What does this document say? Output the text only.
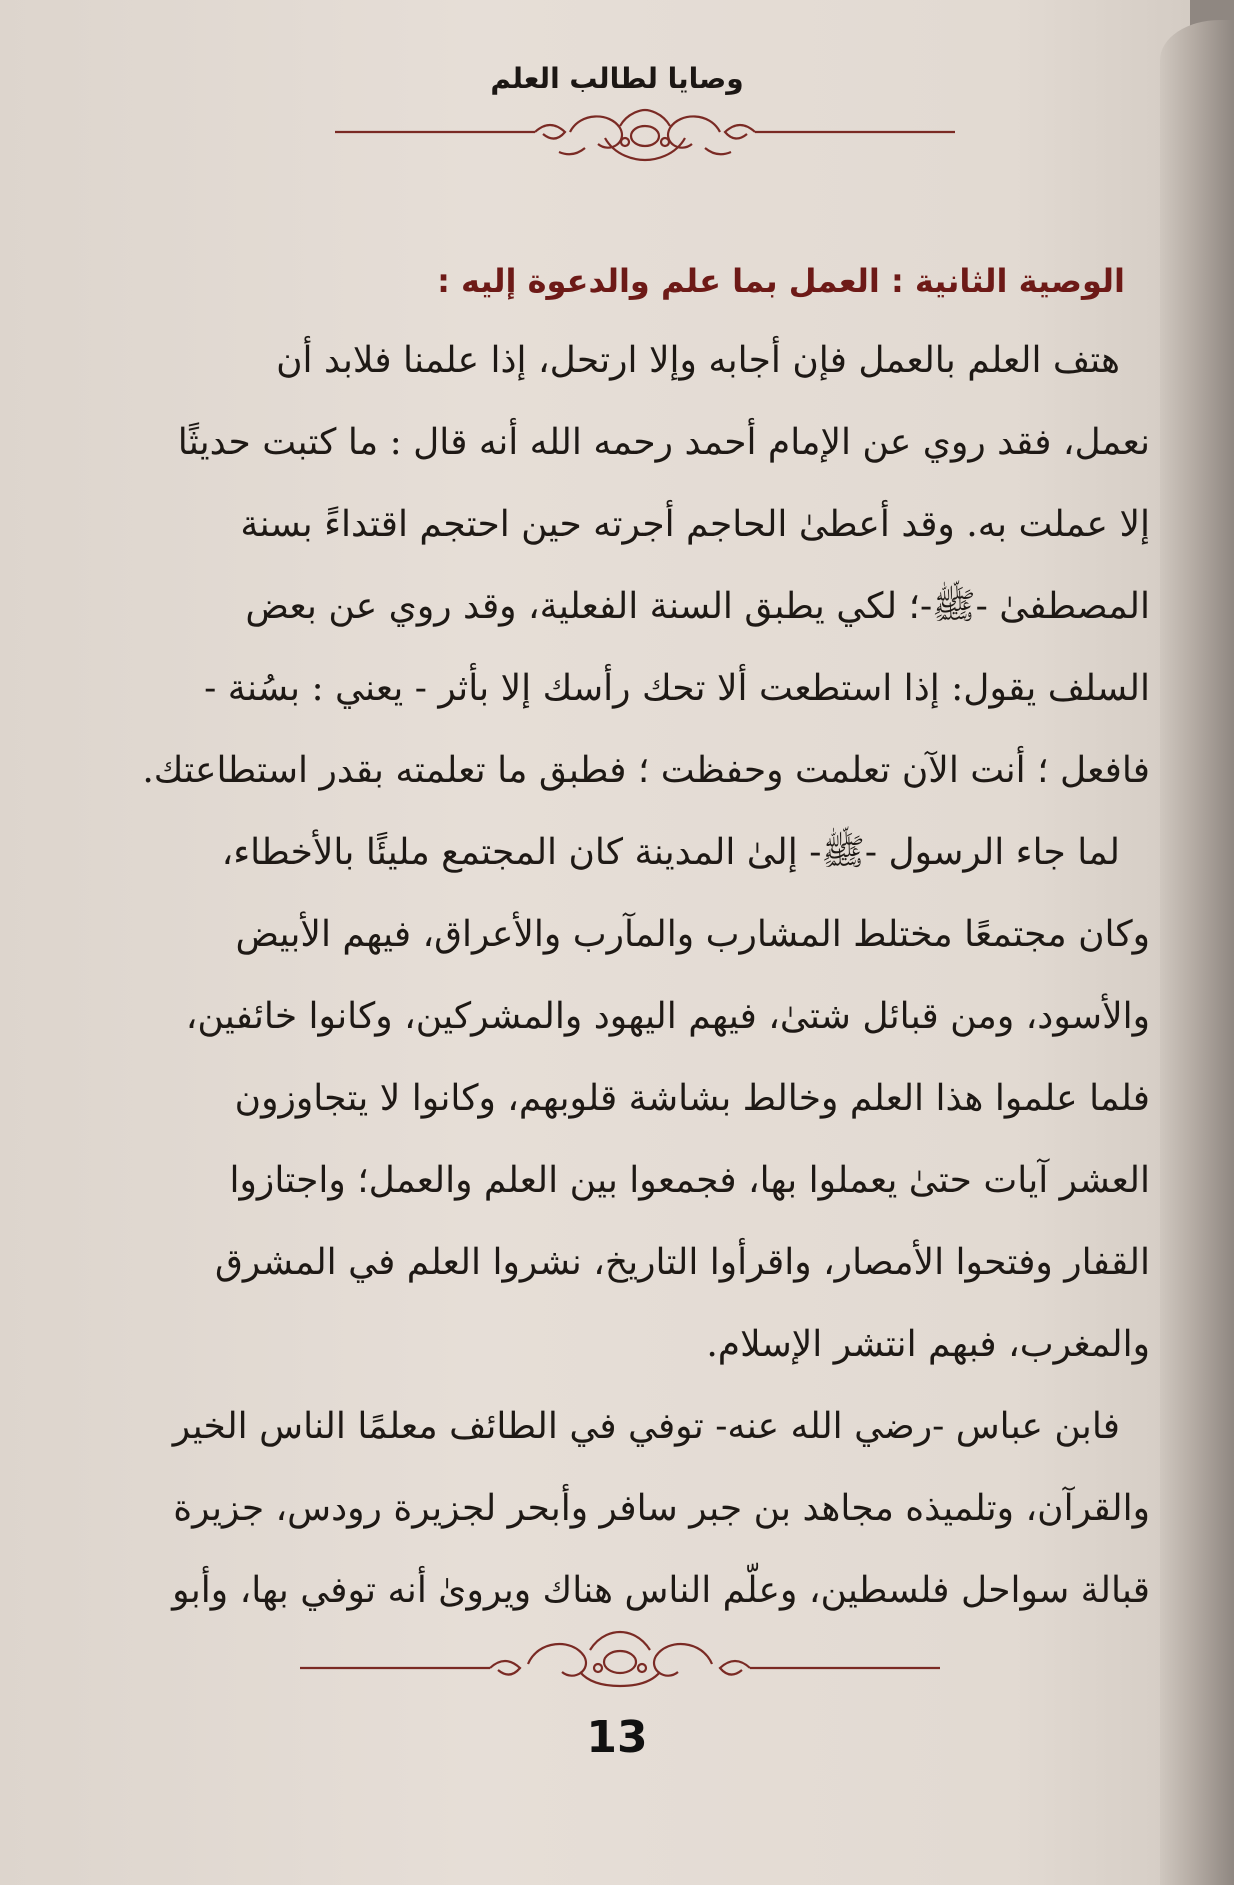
وصايا لطالب العلم
الوصية الثانية : العمل بما علم والدعوة إليه :
هتف العلم بالعمل فإن أجابه وإلا ارتحل، إذا علمنا فلابد أن
نعمل، فقد روي عن الإمام أحمد رحمه الله أنه قال : ما كتبت حديثًا
إلا عملت به. وقد أعطىٰ الحاجم أجرته حين احتجم اقتداءً بسنة
المصطفىٰ -ﷺ-؛ لكي يطبق السنة الفعلية، وقد روي عن بعض
السلف يقول: إذا استطعت ألا تحك رأسك إلا بأثر - يعني : بسُنة -
فافعل ؛ أنت الآن تعلمت وحفظت ؛ فطبق ما تعلمته بقدر استطاعتك.
لما جاء الرسول -ﷺ- إلىٰ المدينة كان المجتمع مليئًا بالأخطاء،
وكان مجتمعًا مختلط المشارب والمآرب والأعراق، فيهم الأبيض
والأسود، ومن قبائل شتىٰ، فيهم اليهود والمشركين، وكانوا خائفين،
فلما علموا هذا العلم وخالط بشاشة قلوبهم، وكانوا لا يتجاوزون
العشر آيات حتىٰ يعملوا بها، فجمعوا بين العلم والعمل؛ واجتازوا
القفار وفتحوا الأمصار، واقرأوا التاريخ، نشروا العلم في المشرق
والمغرب، فبهم انتشر الإسلام.
فابن عباس -رضي الله عنه- توفي في الطائف معلمًا الناس الخير
والقرآن، وتلميذه مجاهد بن جبر سافر وأبحر لجزيرة رودس، جزيرة
قبالة سواحل فلسطين، وعلّم الناس هناك ويروىٰ أنه توفي بها، وأبو
13
